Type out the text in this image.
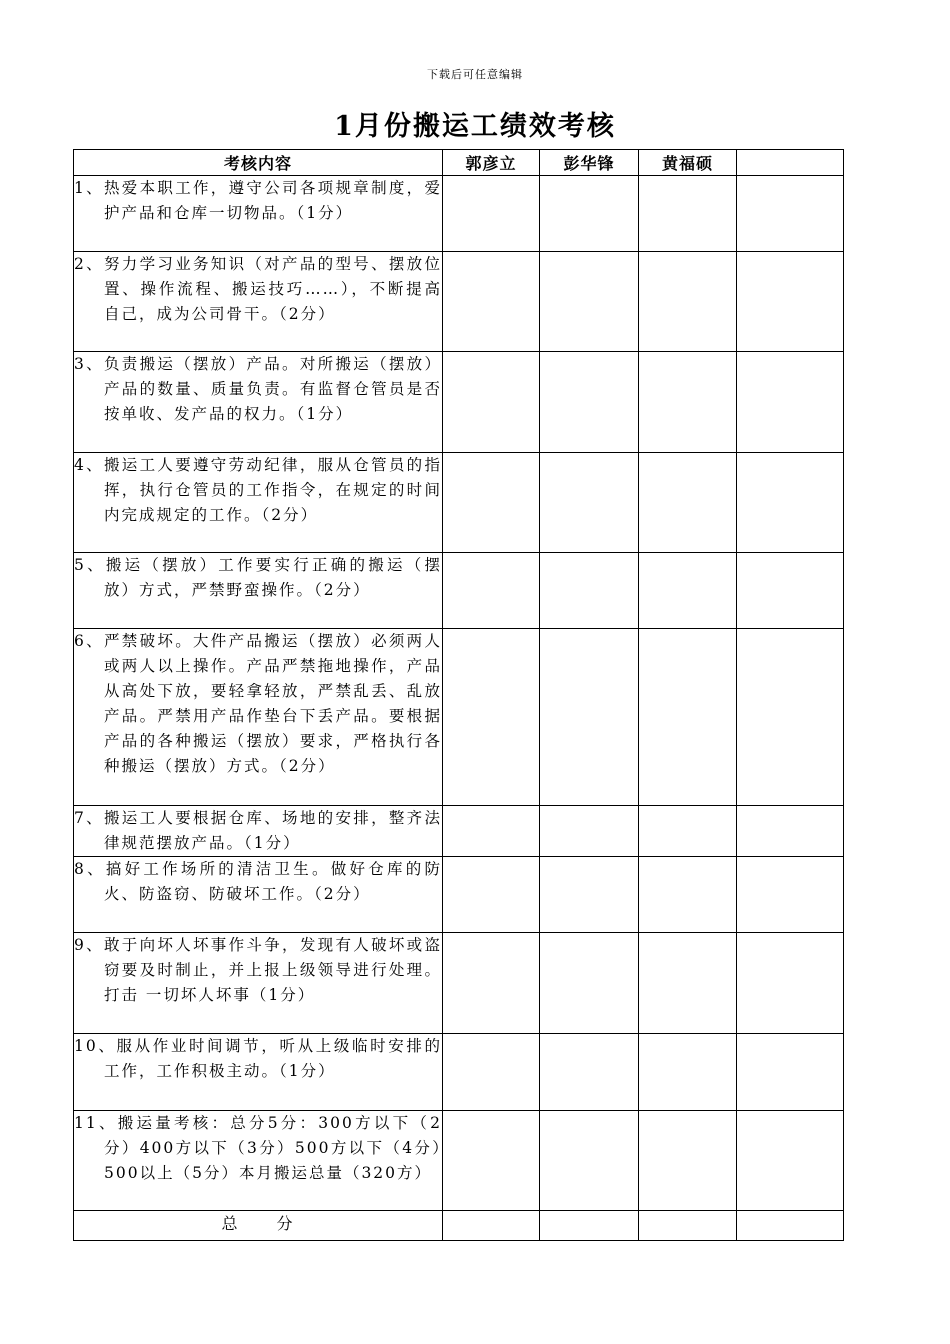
下载后可任意编辑
1月份搬运工绩效考核
考核内容	郭彦立	彭华锋	黄福硕	

1、热爱本职工作，遵守公司各项规章制度，爱护产品和仓库一切物品。（1分）				

2、努力学习业务知识（对产品的型号、摆放位置、操作流程、搬运技巧……），不断提高自己，成为公司骨干。（2分）				

3、负责搬运（摆放）产品。对所搬运（摆放）产品的数量、质量负责。有监督仓管员是否按单收、发产品的权力。（1分）				

4、搬运工人要遵守劳动纪律，服从仓管员的指挥，执行仓管员的工作指令，在规定的时间内完成规定的工作。（2分）				

5、搬运（摆放）工作要实行正确的搬运（摆放）方式，严禁野蛮操作。（2分）				

6、严禁破坏。大件产品搬运（摆放）必须两人或两人以上操作。产品严禁拖地操作，产品从高处下放，要轻拿轻放，严禁乱丢、乱放产品。严禁用产品作垫台下丢产品。要根据产品的各种搬运（摆放）要求，严格执行各种搬运（摆放）方式。（2分）				

7、搬运工人要根据仓库、场地的安排，整齐法律规范摆放产品。（1分）				

8、搞好工作场所的清洁卫生。做好仓库的防火、防盗窃、防破坏工作。（2分）				

9、敢于向坏人坏事作斗争，发现有人破坏或盗窃要及时制止，并上报上级领导进行处理。打击 一切坏人坏事（1分）				

10、服从作业时间调节，听从上级临时安排的工作，工作积极主动。（1分）				

11、搬运量考核：总分5分：300方以下（2分）400方以下（3分）500方以下（4分）500以上（5分）本月搬运总量（320方）				

总 分				
